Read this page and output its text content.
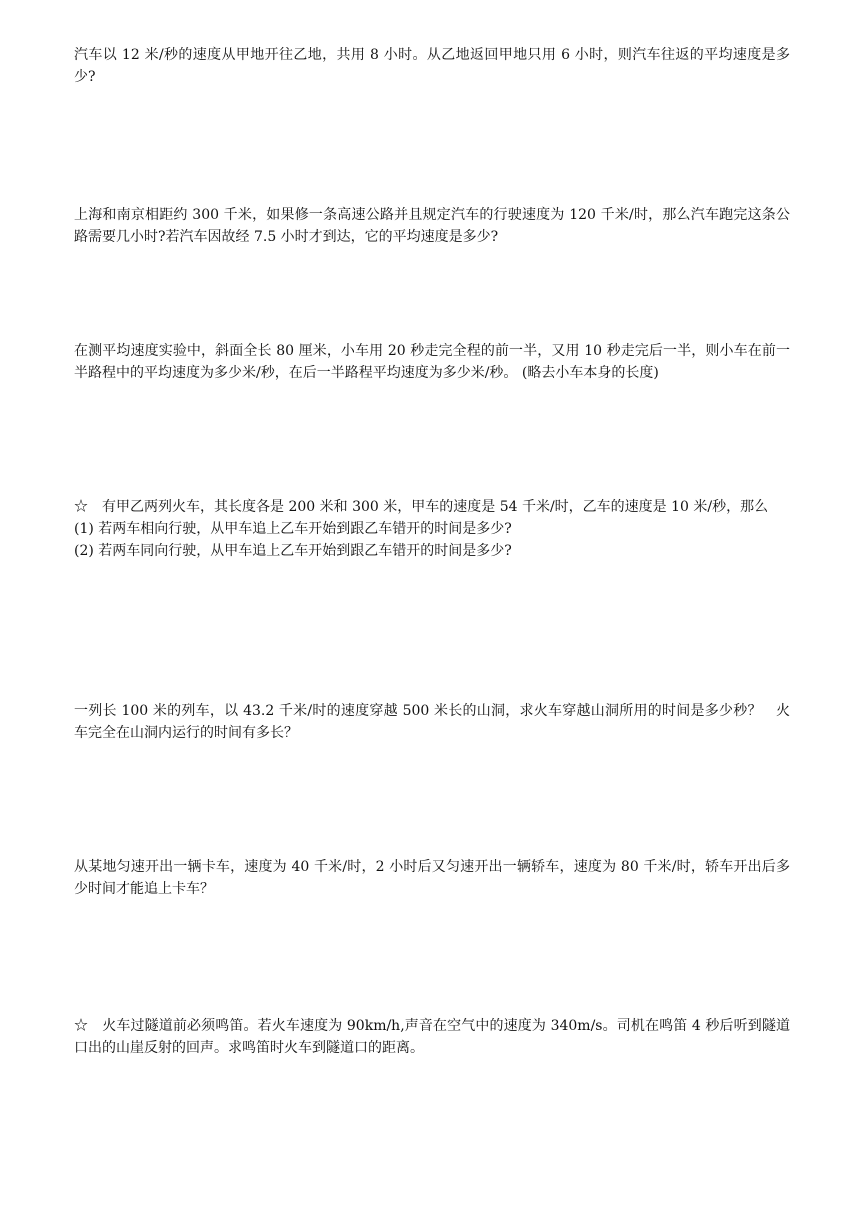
汽车以 12 米/秒的速度从甲地开往乙地，共用 8 小时。从乙地返回甲地只用 6 小时，则汽车往返的平均速度是多少?

上海和南京相距约 300 千米，如果修一条高速公路并且规定汽车的行驶速度为 120 千米/时，那么汽车跑完这条公路需要几小时?若汽车因故经 7.5 小时才到达，它的平均速度是多少?

在测平均速度实验中，斜面全长 80 厘米，小车用 20 秒走完全程的前一半，又用 10 秒走完后一半，则小车在前一半路程中的平均速度为多少米/秒，在后一半路程平均速度为多少米/秒。 (略去小车本身的长度)

☆　有甲乙两列火车，其长度各是 200 米和 300 米，甲车的速度是 54 千米/时，乙车的速度是 10 米/秒，那么

(1) 若两车相向行驶，从甲车追上乙车开始到跟乙车错开的时间是多少?

(2) 若两车同向行驶，从甲车追上乙车开始到跟乙车错开的时间是多少?

一列长 100 米的列车，以 43.2 千米/时的速度穿越 500 米长的山洞，求火车穿越山洞所用的时间是多少秒？　火车完全在山洞内运行的时间有多长？

从某地匀速开出一辆卡车，速度为 40 千米/时，2 小时后又匀速开出一辆轿车，速度为 80 千米/时，轿车开出后多少时间才能追上卡车？

☆　火车过隧道前必须鸣笛。若火车速度为 90km/h,声音在空气中的速度为 340m/s。司机在鸣笛 4 秒后听到隧道口出的山崖反射的回声。求鸣笛时火车到隧道口的距离。
